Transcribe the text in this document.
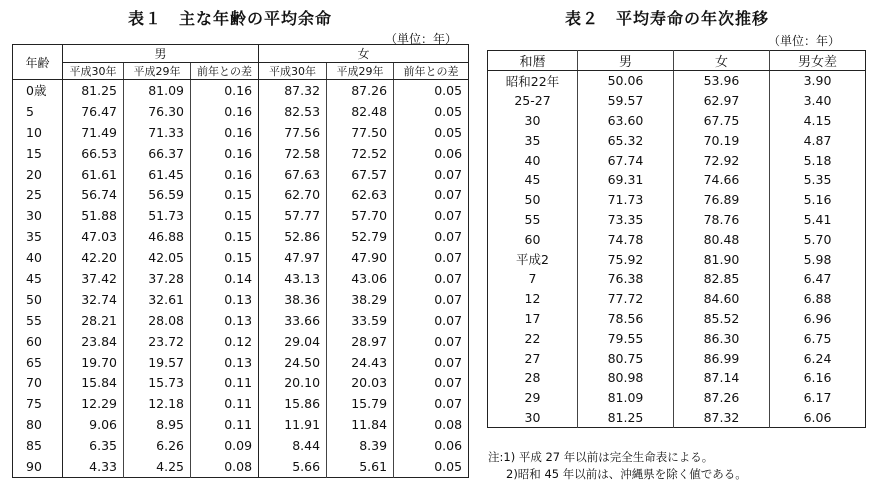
表１　主な年齢の平均余命
（単位：年）
年齢	男			女		
	平成30年	平成29年	前年との差	平成30年	平成29年	前年との差
0歳	81.25	81.09	0.16	87.32	87.26	0.05
5	76.47	76.30	0.16	82.53	82.48	0.05
10	71.49	71.33	0.16	77.56	77.50	0.05
15	66.53	66.37	0.16	72.58	72.52	0.06
20	61.61	61.45	0.16	67.63	67.57	0.07
25	56.74	56.59	0.15	62.70	62.63	0.07
30	51.88	51.73	0.15	57.77	57.70	0.07
35	47.03	46.88	0.15	52.86	52.79	0.07
40	42.20	42.05	0.15	47.97	47.90	0.07
45	37.42	37.28	0.14	43.13	43.06	0.07
50	32.74	32.61	0.13	38.36	38.29	0.07
55	28.21	28.08	0.13	33.66	33.59	0.07
60	23.84	23.72	0.12	29.04	28.97	0.07
65	19.70	19.57	0.13	24.50	24.43	0.07
70	15.84	15.73	0.11	20.10	20.03	0.07
75	12.29	12.18	0.11	15.86	15.79	0.07
80	9.06	8.95	0.11	11.91	11.84	0.08
85	6.35	6.26	0.09	8.44	8.39	0.06
90	4.33	4.25	0.08	5.66	5.61	0.05
表２　平均寿命の年次推移
（単位：年）
和暦	男	女	男女差
昭和22年	50.06	53.96	3.90
25-27	59.57	62.97	3.40
30	63.60	67.75	4.15
35	65.32	70.19	4.87
40	67.74	72.92	5.18
45	69.31	74.66	5.35
50	71.73	76.89	5.16
55	73.35	78.76	5.41
60	74.78	80.48	5.70
平成2	75.92	81.90	5.98
7	76.38	82.85	6.47
12	77.72	84.60	6.88
17	78.56	85.52	6.96
22	79.55	86.30	6.75
27	80.75	86.99	6.24
28	80.98	87.14	6.16
29	81.09	87.26	6.17
30	81.25	87.32	6.06
注:1) 平成 27 年以前は完全生命表による。
2)昭和 45 年以前は、沖縄県を除く値である。
